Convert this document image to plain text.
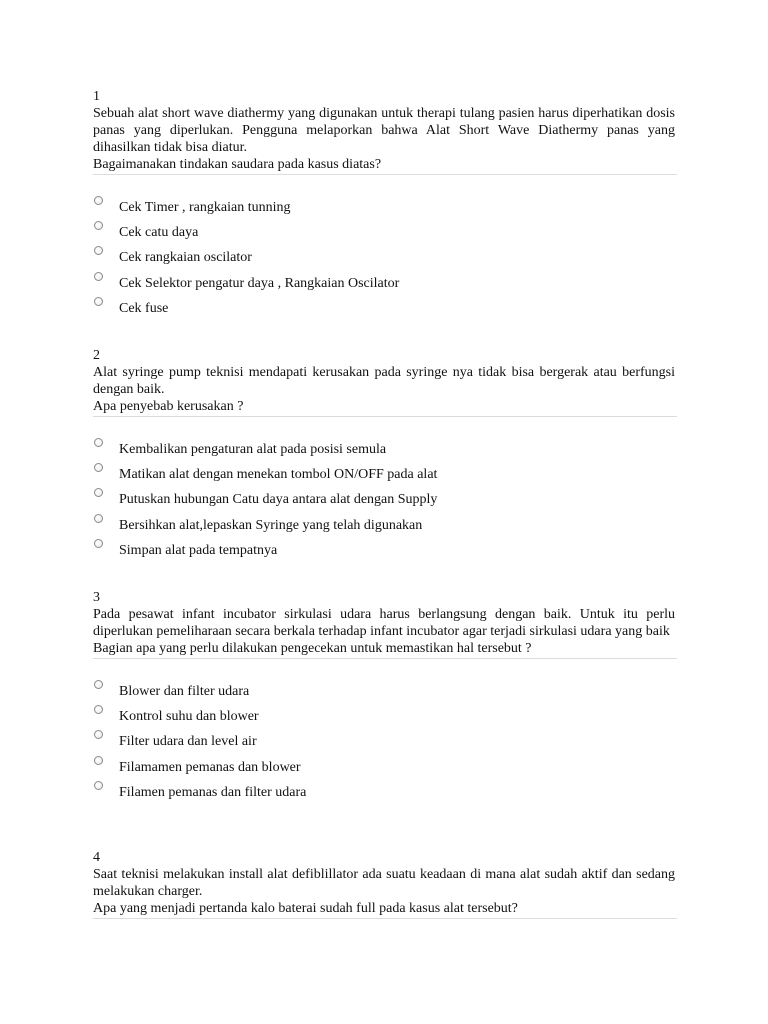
1

Sebuah alat short wave diathermy yang digunakan untuk therapi tulang pasien harus diperhatikan dosis panas yang diperlukan. Pengguna melaporkan bahwa Alat Short Wave Diathermy panas yang dihasilkan tidak bisa diatur.

Bagaimanakan tindakan saudara pada kasus diatas?

Cek Timer , rangkaian tunning
Cek catu daya
Cek rangkaian oscilator
Cek Selektor pengatur daya , Rangkaian Oscilator
Cek fuse
2

Alat syringe pump teknisi mendapati kerusakan pada syringe nya tidak bisa bergerak atau berfungsi dengan baik.

Apa penyebab kerusakan ?

Kembalikan pengaturan alat pada posisi semula
Matikan alat dengan menekan tombol ON/OFF pada alat
Putuskan hubungan Catu daya antara alat dengan Supply
Bersihkan alat,lepaskan Syringe yang telah digunakan
Simpan alat pada tempatnya
3

Pada pesawat infant incubator sirkulasi udara harus berlangsung dengan baik. Untuk itu perlu diperlukan pemeliharaan secara berkala terhadap infant incubator agar terjadi sirkulasi udara yang baik

Bagian apa yang perlu dilakukan pengecekan untuk memastikan hal tersebut ?

Blower dan filter udara
Kontrol suhu dan blower
Filter udara dan level air
Filamamen pemanas dan blower
Filamen pemanas dan filter udara
4

Saat teknisi melakukan install alat defiblillator ada suatu keadaan di mana alat sudah aktif dan sedang melakukan charger.

Apa yang menjadi pertanda kalo baterai sudah full pada kasus alat tersebut?
